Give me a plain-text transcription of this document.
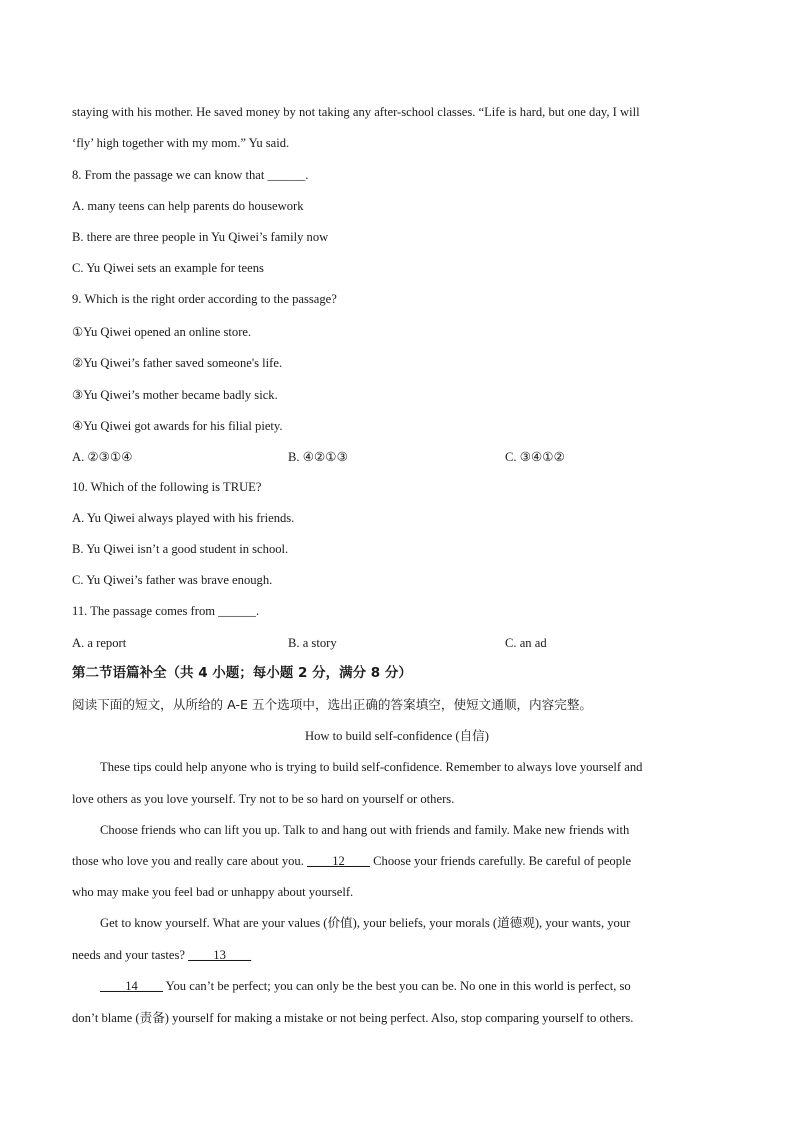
staying with his mother. He saved money by not taking any after-school classes. “Life is hard, but one day, I will
‘fly’ high together with my mom.” Yu said.
8. From the passage we can know that ______.
A. many teens can help parents do housework
B. there are three people in Yu Qiwei’s family now
C. Yu Qiwei sets an example for teens
9. Which is the right order according to the passage?
①Yu Qiwei opened an online store.
②Yu Qiwei’s father saved someone's life.
③Yu Qiwei’s mother became badly sick.
④Yu Qiwei got awards for his filial piety.
A. ②③①④	B. ④②①③	C. ③④①②
10. Which of the following is TRUE?
A. Yu Qiwei always played with his friends.
B. Yu Qiwei isn’t a good student in school.
C. Yu Qiwei’s father was brave enough.
11. The passage comes from ______.
A. a report	B. a story	C. an ad
第二节语篇补全（共 4 小题；每小题 2 分，满分 8 分）
阅读下面的短文，从所给的 A-E 五个选项中，选出正确的答案填空，使短文通顺，内容完整。
How to build self-confidence (自信)
These tips could help anyone who is trying to build self-confidence. Remember to always love yourself and
love others as you love yourself. Try not to be so hard on yourself or others.
Choose friends who can lift you up. Talk to and hang out with friends and family. Make new friends with
those who love you and really care about you. ____12____ Choose your friends carefully. Be careful of people
who may make you feel bad or unhappy about yourself.
Get to know yourself. What are your values (价值), your beliefs, your morals (道德观), your wants, your
needs and your tastes? ____13____
____14____ You can’t be perfect; you can only be the best you can be. No one in this world is perfect, so
don’t blame (责备) yourself for making a mistake or not being perfect. Also, stop comparing yourself to others.
